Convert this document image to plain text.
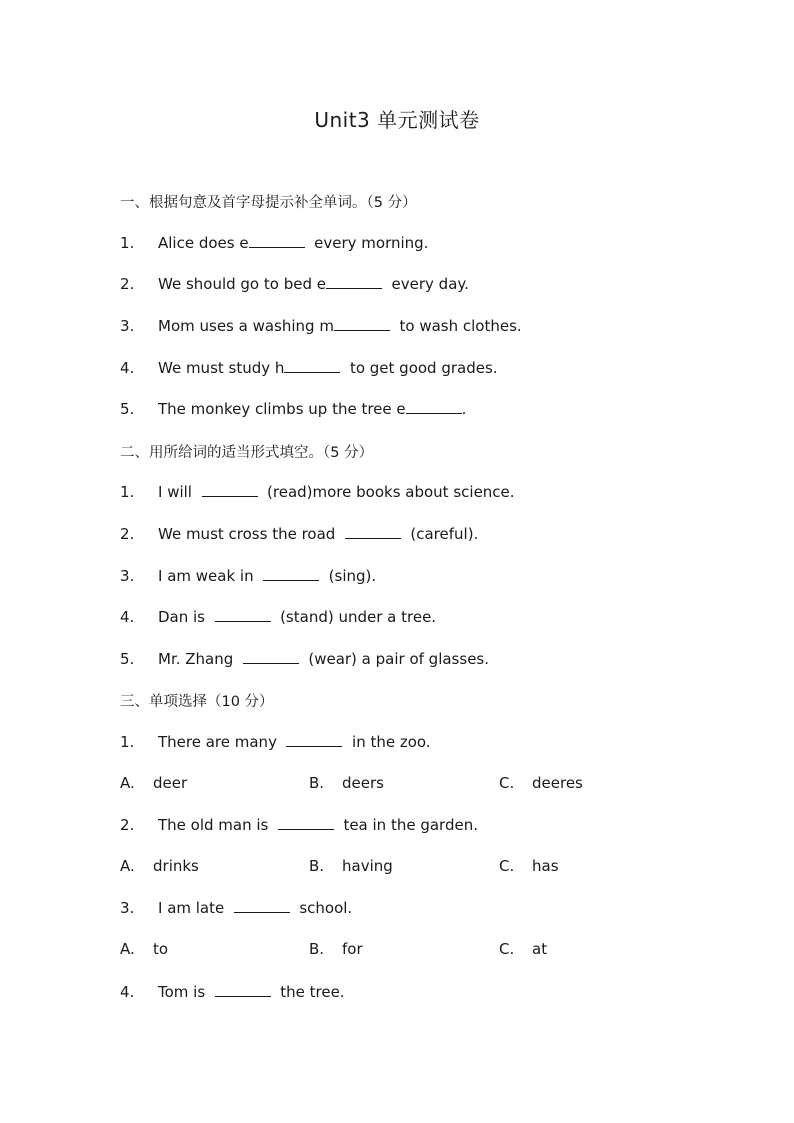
Unit3 单元测试卷
一、根据句意及首字母提示补全单词。（5 分）
1. Alice does e	every morning.
2. We should go to bed e	every day.
3. Mom uses a washing m	to wash clothes.
4. We must study h	to get good grades.
5. The monkey climbs up the tree e	.
二、用所给词的适当形式填空。（5 分）
1. I will	(read)more books about science.
2. We must cross the road	(careful).
3. I am weak in	(sing).
4. Dan is	(stand) under a tree.
5. Mr. Zhang	(wear) a pair of glasses.
三、单项选择（10 分）
1. There are many	in the zoo.
A. deer	B. deers	C. deeres
2. The old man is	tea in the garden.
A. drinks	B. having	C. has
3. I am late	school.
A. to	B. for	C. at
4. Tom is	the tree.
